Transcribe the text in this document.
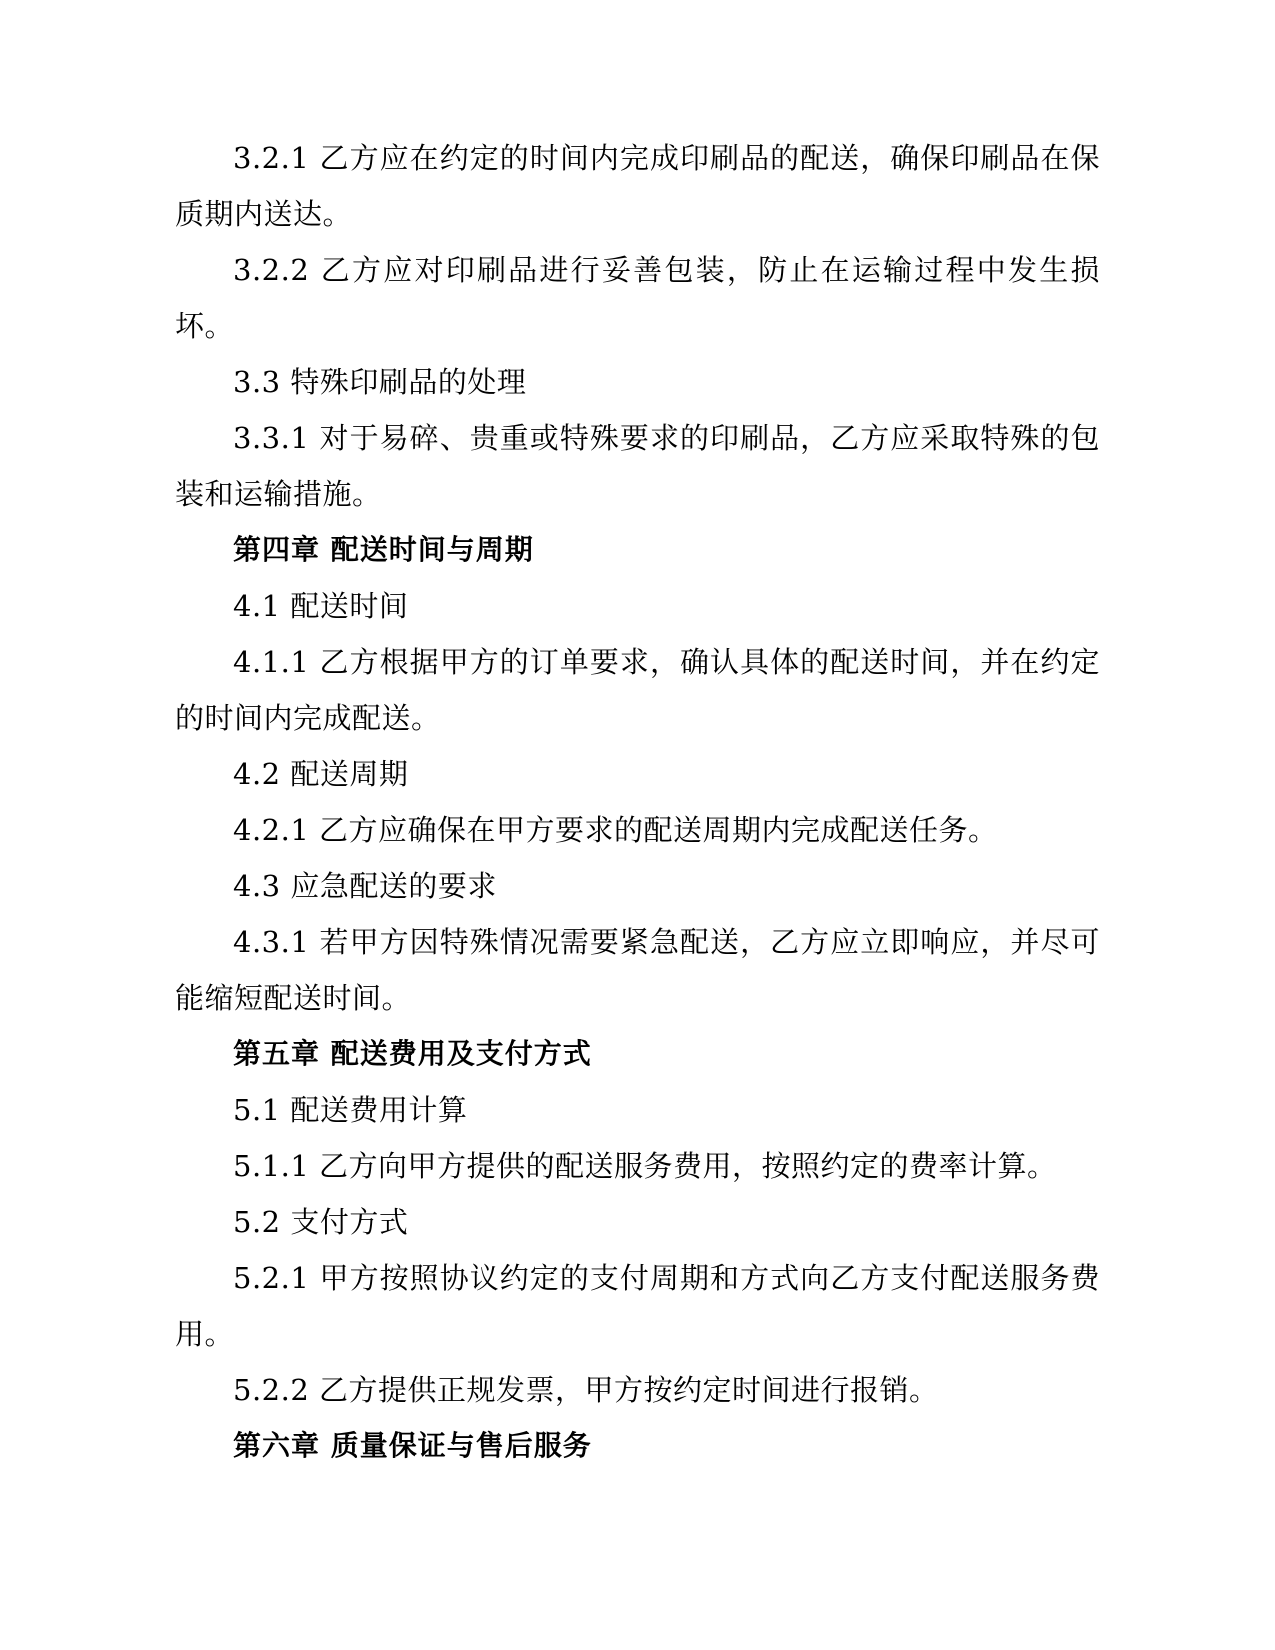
3.2.1 乙方应在约定的时间内完成印刷品的配送，确保印刷品在保质期内送达。

3.2.2 乙方应对印刷品进行妥善包装，防止在运输过程中发生损坏。

3.3 特殊印刷品的处理

3.3.1 对于易碎、贵重或特殊要求的印刷品，乙方应采取特殊的包装和运输措施。

第四章 配送时间与周期

4.1 配送时间

4.1.1 乙方根据甲方的订单要求，确认具体的配送时间，并在约定的时间内完成配送。

4.2 配送周期

4.2.1 乙方应确保在甲方要求的配送周期内完成配送任务。

4.3 应急配送的要求

4.3.1 若甲方因特殊情况需要紧急配送，乙方应立即响应，并尽可能缩短配送时间。

第五章 配送费用及支付方式

5.1 配送费用计算

5.1.1 乙方向甲方提供的配送服务费用，按照约定的费率计算。

5.2 支付方式

5.2.1 甲方按照协议约定的支付周期和方式向乙方支付配送服务费用。

5.2.2 乙方提供正规发票，甲方按约定时间进行报销。

第六章 质量保证与售后服务
